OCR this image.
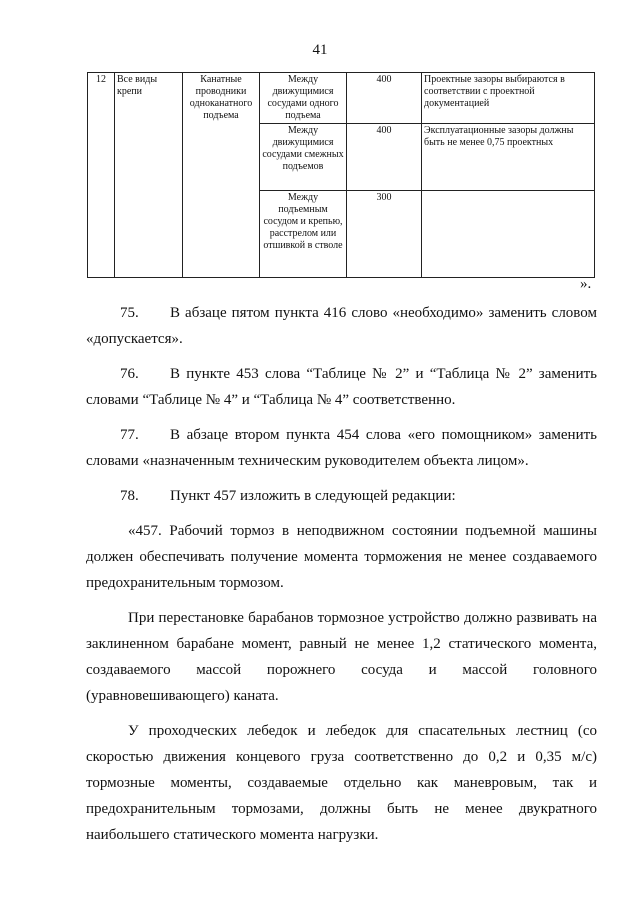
41
12	Все виды крепи	Канатные проводники одноканатного подъема	Между движущимися сосудами одного подъема	400	Проектные зазоры выбираются в соответствии с проектной документацией
			Между движущимися сосудами смежных подъемов	400	Эксплуатационные зазоры должны быть не менее 0,75 проектных
			Между подъемным сосудом и крепью, расстрелом или отшивкой в стволе	300	
».

75. В абзаце пятом пункта 416 слово «необходимо» заменить словом «допускается».

76. В пункте 453 слова “Таблице № 2” и “Таблица № 2” заменить словами “Таблице № 4” и “Таблица № 4” соответственно.

77. В абзаце втором пункта 454 слова «его помощником» заменить словами «назначенным техническим руководителем объекта лицом».

78. Пункт 457 изложить в следующей редакции:

«457. Рабочий тормоз в неподвижном состоянии подъемной машины должен обеспечивать получение момента торможения не менее создаваемого предохранительным тормозом.

При перестановке барабанов тормозное устройство должно развивать на заклиненном барабане момент, равный не менее 1,2 статического момента, создаваемого массой порожнего сосуда и массой головного (уравновешивающего) каната.

У проходческих лебедок и лебедок для спасательных лестниц (со скоростью движения концевого груза соответственно до 0,2 и 0,35 м/с) тормозные моменты, создаваемые отдельно как маневровым, так и предохранительным тормозами, должны быть не менее двукратного наибольшего статического момента нагрузки.
